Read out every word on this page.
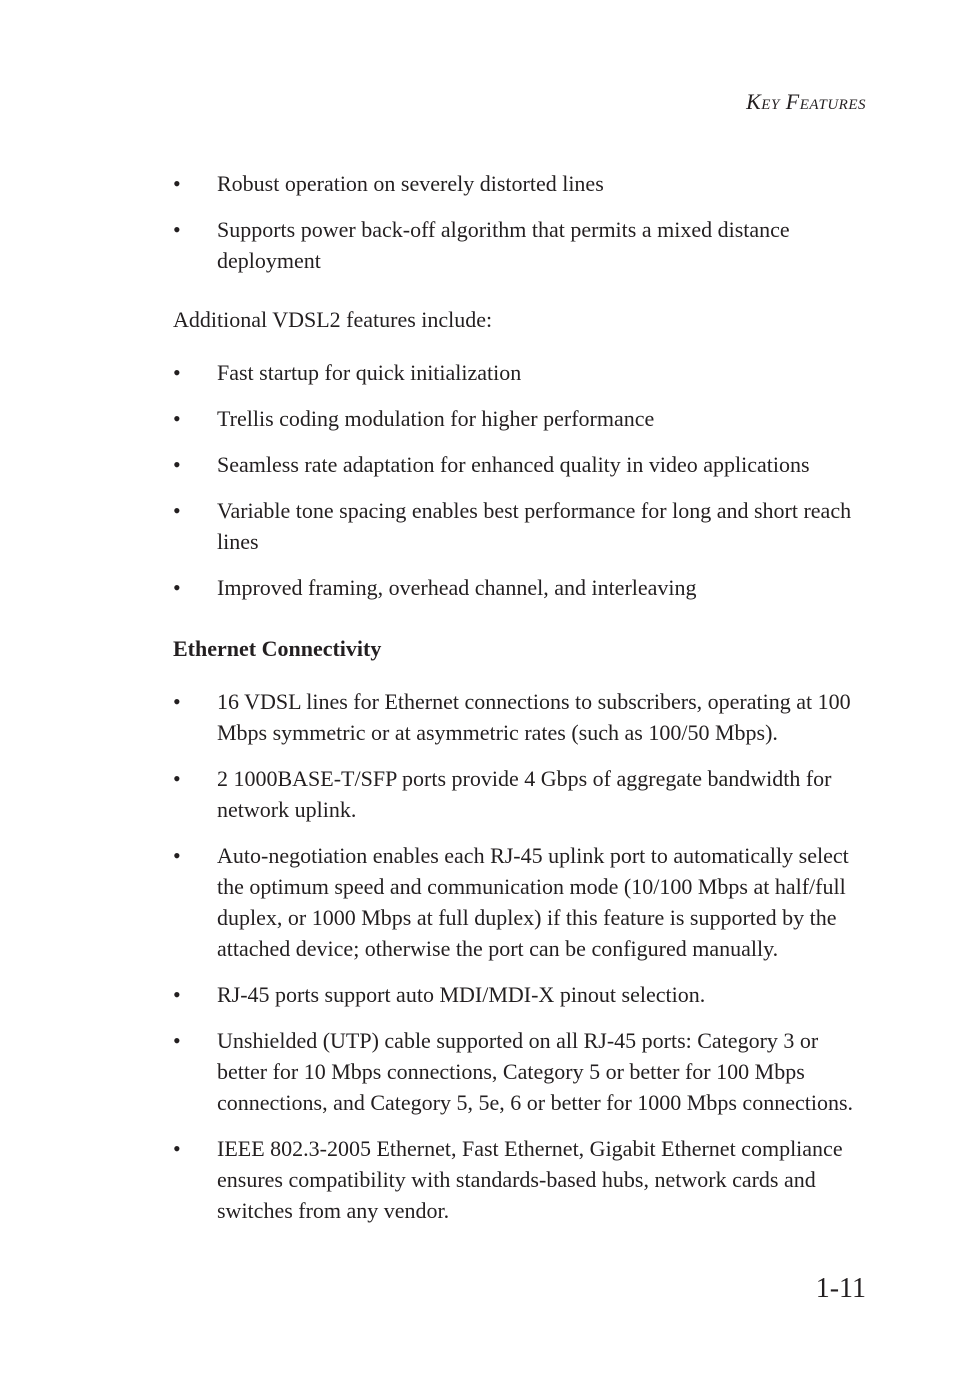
Key Features
• Robust operation on severely distorted lines
• Supports power back-off algorithm that permits a mixed distance deployment

Additional VDSL2 features include:

• Fast startup for quick initialization
• Trellis coding modulation for higher performance
• Seamless rate adaptation for enhanced quality in video applications
• Variable tone spacing enables best performance for long and short reach lines
• Improved framing, overhead channel, and interleaving
Ethernet Connectivity
• 16 VDSL lines for Ethernet connections to subscribers, operating at 100 Mbps symmetric or at asymmetric rates (such as 100/50 Mbps).
• 2 1000BASE-T/SFP ports provide 4 Gbps of aggregate bandwidth for network uplink.
• Auto-negotiation enables each RJ-45 uplink port to automatically select the optimum speed and communication mode (10/100 Mbps at half/full duplex, or 1000 Mbps at full duplex) if this feature is supported by the attached device; otherwise the port can be configured manually.
• RJ-45 ports support auto MDI/MDI-X pinout selection.
• Unshielded (UTP) cable supported on all RJ-45 ports: Category 3 or better for 10 Mbps connections, Category 5 or better for 100 Mbps connections, and Category 5, 5e, 6 or better for 1000 Mbps connections.
• IEEE 802.3-2005 Ethernet, Fast Ethernet, Gigabit Ethernet compliance ensures compatibility with standards-based hubs, network cards and switches from any vendor.
1-11
